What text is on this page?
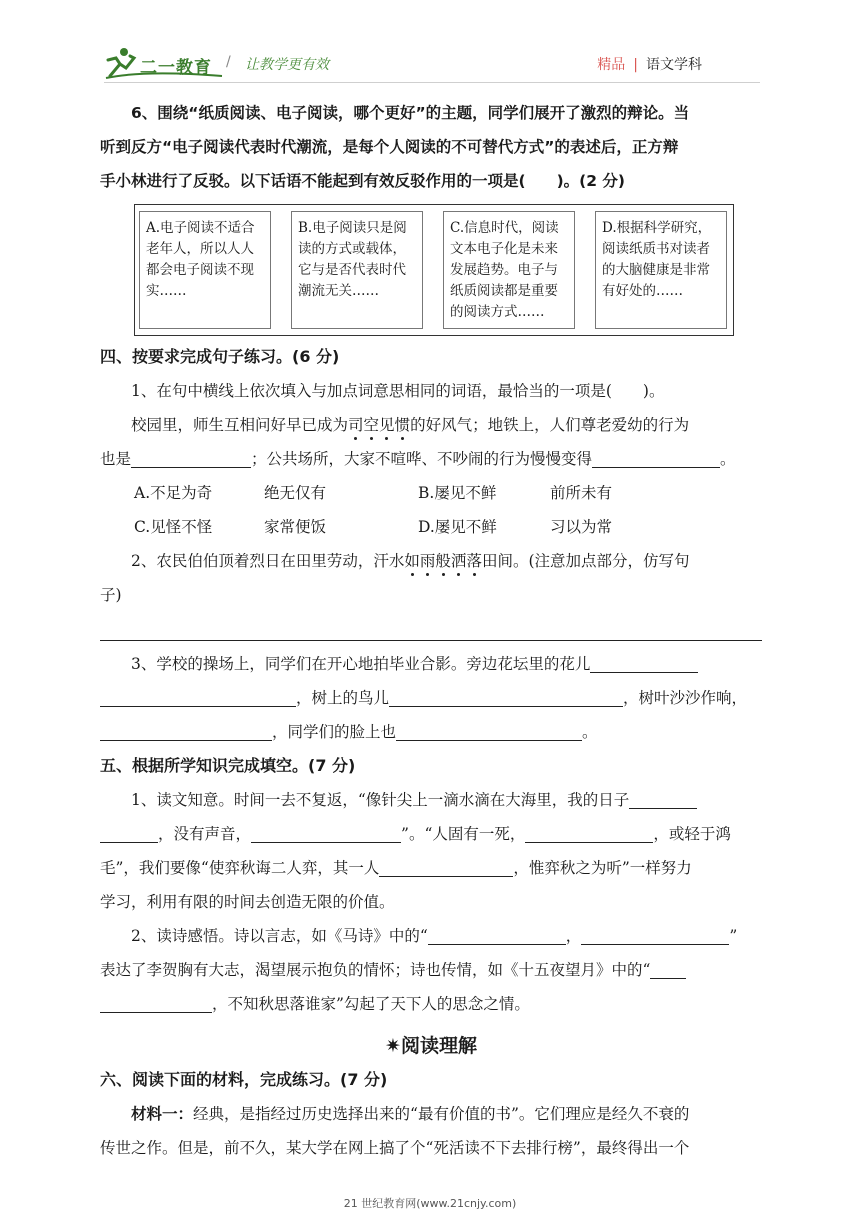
二一教育 / 让教学更有效	精品 | 语文学科

6、围绕“纸质阅读、电子阅读，哪个更好”的主题，同学们展开了激烈的辩论。当

听到反方“电子阅读代表时代潮流，是每个人阅读的不可替代方式”的表述后，正方辩

手小林进行了反驳。以下话语不能起到有效反驳作用的一项是(　　)。(2 分)

A.电子阅读不适合老年人，所以人人都会电子阅读不现实……
B.电子阅读只是阅读的方式或载体，它与是否代表时代潮流无关……
C.信息时代，阅读文本电子化是未来发展趋势。电子与纸质阅读都是重要的阅读方式……
D.根据科学研究，阅读纸质书对读者的大脑健康是非常有好处的……

四、按要求完成句子练习。(6 分)

1、在句中横线上依次填入与加点词意思相同的词语，最恰当的一项是(　　)。

校园里，师生互相问好早已成为司空见惯的好风气；地铁上，人们尊老爱幼的行为

也是	；公共场所，大家不喧哗、不吵闹的行为慢慢变得	。

A.不足为奇	绝无仅有	B.屡见不鲜	前所未有
C.见怪不怪	家常便饭	D.屡见不鲜	习以为常

2、农民伯伯顶着烈日在田里劳动，汗水如雨般洒落田间。(注意加点部分，仿写句

子)

3、学校的操场上，同学们在开心地拍毕业合影。旁边花坛里的花儿

，树上的鸟儿	，树叶沙沙作响，

，同学们的脸上也	。

五、根据所学知识完成填空。(7 分)

1、读文知意。时间一去不复返，“像针尖上一滴水滴在大海里，我的日子

，没有声音，	”。“人固有一死，	，或轻于鸿

毛”，我们要像“使弈秋诲二人弈，其一人	，惟弈秋之为听”一样努力

学习，利用有限的时间去创造无限的价值。

2、读诗感悟。诗以言志，如《马诗》中的“	，	”

表达了李贺胸有大志，渴望展示抱负的情怀；诗也传情，如《十五夜望月》中的“

，不知秋思落谁家”勾起了天下人的思念之情。

✷阅读理解

六、阅读下面的材料，完成练习。(7 分)

材料一：经典，是指经过历史选择出来的“最有价值的书”。它们理应是经久不衰的

传世之作。但是，前不久，某大学在网上搞了个“死活读不下去排行榜”，最终得出一个

21 世纪教育网(www.21cnjy.com)
